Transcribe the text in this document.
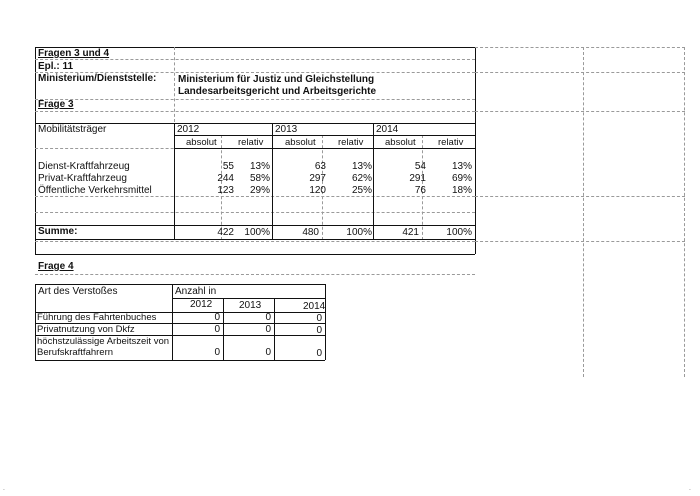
Fragen 3 und 4
Epl.: 11
Ministerium/Dienststelle: Ministerium für Justiz und Gleichstellung
Landesarbeitsgericht und Arbeitsgerichte
Frage 3
Mobilitätsträger	2012	2013	2014
absolut relativ absolut relativ absolut relativ
Dienst-Kraftfahrzeug	55	13%	63	13%	54	13%
Privat-Kraftfahrzeug	244	58%	297	62%	291	69%
Öffentliche Verkehrsmittel	123	29%	120	25%	76	18%
Summe:	422	100%	480	100%	421	100%
Frage 4
Art des Verstoßes	Anzahl in
2012	2013	2014
Führung des Fahrtenbuches	0	0	0
Privatnutzung von Dkfz	0	0	0
höchstzulässige Arbeitszeit von
Berufskraftfahrern	0	0	0
·	·
